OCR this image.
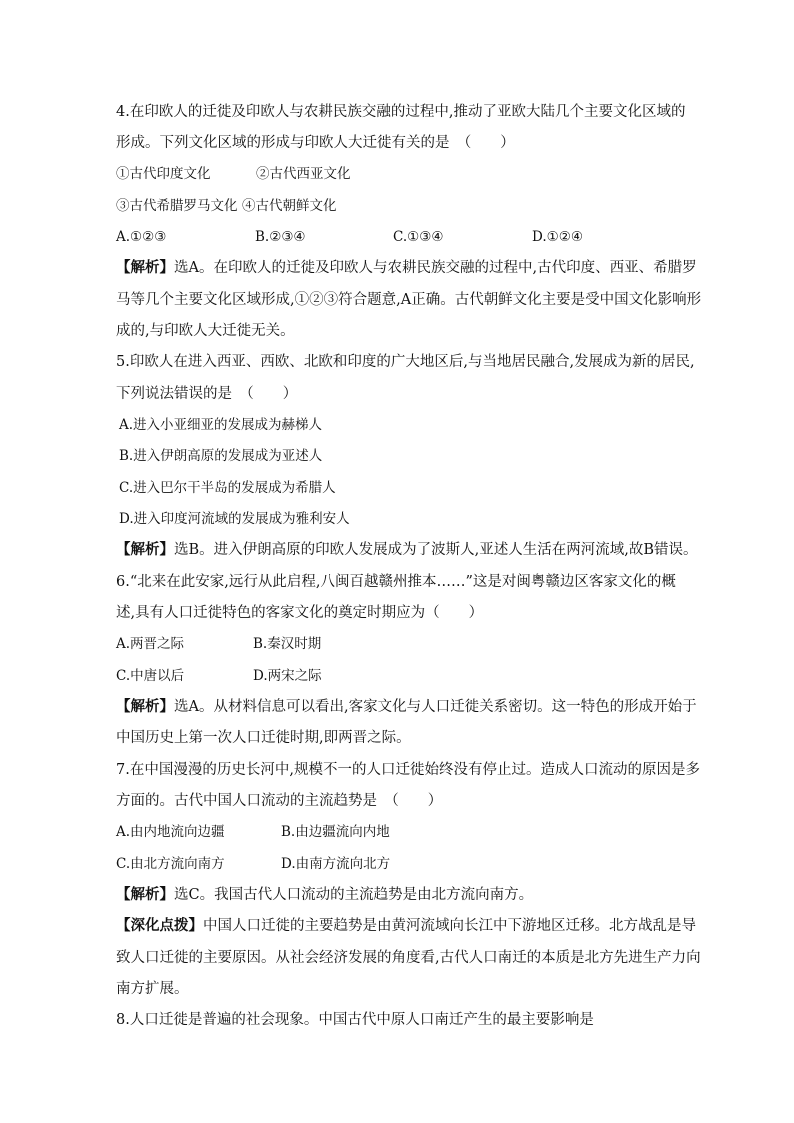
4.在印欧人的迁徙及印欧人与农耕民族交融的过程中,推动了亚欧大陆几个主要文化区域的
形成。下列文化区域的形成与印欧人大迁徙有关的是　（　　）
①古代印度文化	②古代西亚文化
③古代希腊罗马文化 ④古代朝鲜文化
A.①②③	B.②③④	C.①③④	D.①②④
【解析】选A。在印欧人的迁徙及印欧人与农耕民族交融的过程中,古代印度、西亚、希腊罗
马等几个主要文化区域形成,①②③符合题意,A正确。古代朝鲜文化主要是受中国文化影响形
成的,与印欧人大迁徙无关。
5.印欧人在进入西亚、西欧、北欧和印度的广大地区后,与当地居民融合,发展成为新的居民,
下列说法错误的是　（　　）
A.进入小亚细亚的发展成为赫梯人
B.进入伊朗高原的发展成为亚述人
C.进入巴尔干半岛的发展成为希腊人
D.进入印度河流域的发展成为雅利安人
【解析】选B。进入伊朗高原的印欧人发展成为了波斯人,亚述人生活在两河流域,故B错误。
6.“北来在此安家,远行从此启程,八闽百越赣州推本……”这是对闽粤赣边区客家文化的概
述,具有人口迁徙特色的客家文化的奠定时期应为（　　）
A.两晋之际	B.秦汉时期
C.中唐以后	D.两宋之际
【解析】选A。从材料信息可以看出,客家文化与人口迁徙关系密切。这一特色的形成开始于
中国历史上第一次人口迁徙时期,即两晋之际。
7.在中国漫漫的历史长河中,规模不一的人口迁徙始终没有停止过。造成人口流动的原因是多
方面的。古代中国人口流动的主流趋势是　（　　）
A.由内地流向边疆	B.由边疆流向内地
C.由北方流向南方	D.由南方流向北方
【解析】选C。我国古代人口流动的主流趋势是由北方流向南方。
【深化点拨】中国人口迁徙的主要趋势是由黄河流域向长江中下游地区迁移。北方战乱是导
致人口迁徙的主要原因。从社会经济发展的角度看,古代人口南迁的本质是北方先进生产力向
南方扩展。
8.人口迁徙是普遍的社会现象。中国古代中原人口南迁产生的最主要影响是
